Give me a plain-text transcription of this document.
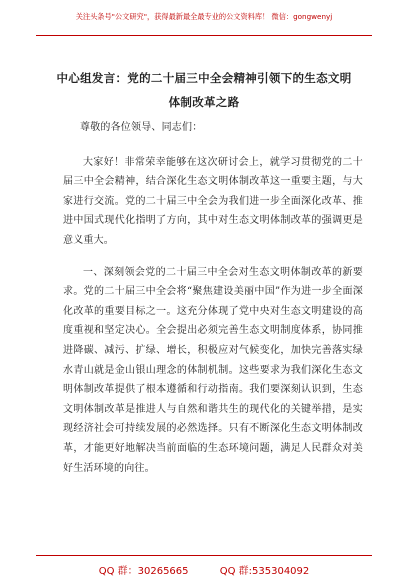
关注头条号"公文研究"，获得最新最全最专业的公文资料库！ 微信：gongwenyj
中心组发言：党的二十届三中全会精神引领下的生态文明
体制改革之路

尊敬的各位领导、同志们：

大家好！非常荣幸能够在这次研讨会上，就学习贯彻党的二十届三中全会精神，结合深化生态文明体制改革这一重要主题，与大家进行交流。党的二十届三中全会为我们进一步全面深化改革、推进中国式现代化指明了方向，其中对生态文明体制改革的强调更是意义重大。

一、深刻领会党的二十届三中全会对生态文明体制改革的新要求。党的二十届三中全会将“聚焦建设美丽中国”作为进一步全面深化改革的重要目标之一。这充分体现了党中央对生态文明建设的高度重视和坚定决心。全会提出必须完善生态文明制度体系，协同推进降碳、减污、扩绿、增长，积极应对气候变化，加快完善落实绿水青山就是金山银山理念的体制机制。这些要求为我们深化生态文明体制改革提供了根本遵循和行动指南。我们要深刻认识到，生态文明体制改革是推进人与自然和谐共生的现代化的关键举措，是实现经济社会可持续发展的必然选择。只有不断深化生态文明体制改革，才能更好地解决当前面临的生态环境问题，满足人民群众对美好生活环境的向往。

QQ 群：30265665	QQ 群:535304092
